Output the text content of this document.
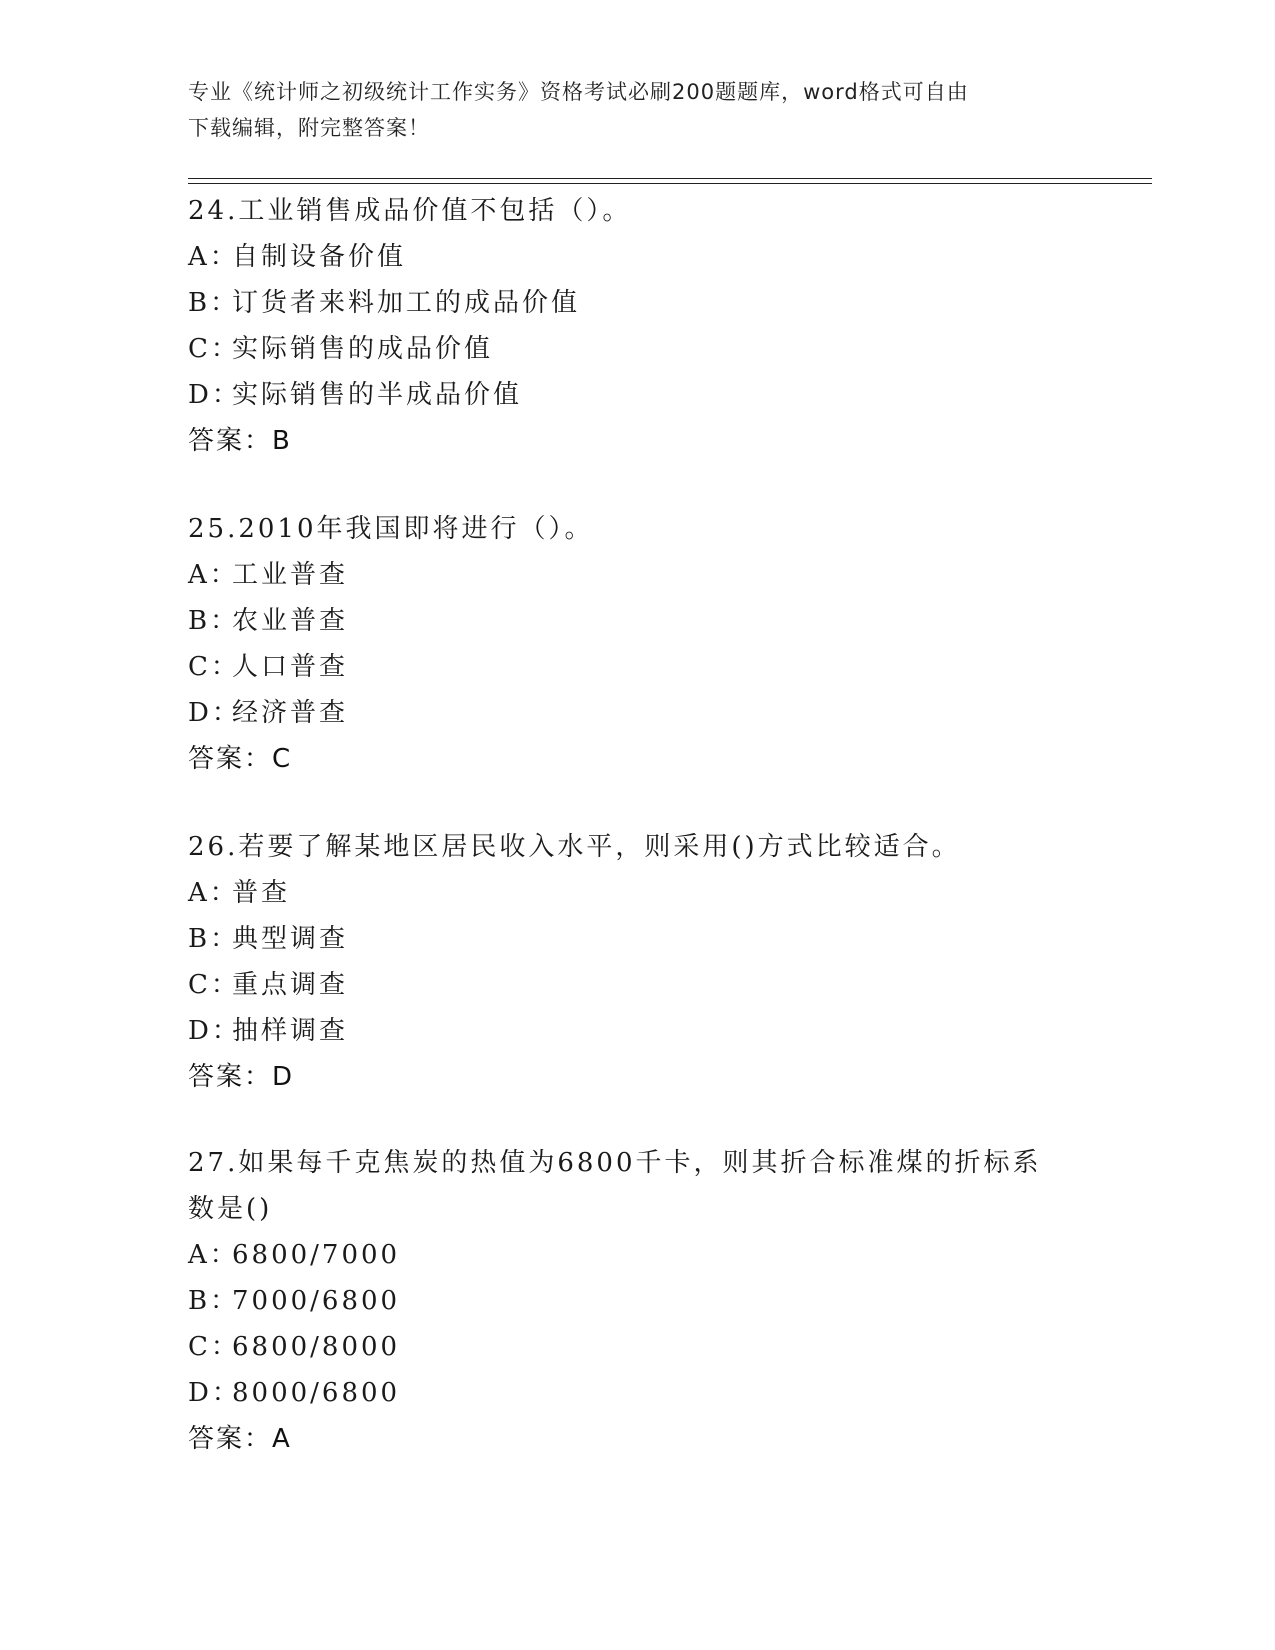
专业《统计师之初级统计工作实务》资格考试必刷200题题库，word格式可自由
下载编辑，附完整答案！
24.工业销售成品价值不包括（）。
A：自制设备价值
B：订货者来料加工的成品价值
C：实际销售的成品价值
D：实际销售的半成品价值
答案：B
25.2010年我国即将进行（）。
A：工业普查
B：农业普查
C：人口普查
D：经济普查
答案：C
26.若要了解某地区居民收入水平，则采用()方式比较适合。
A：普查
B：典型调查
C：重点调查
D：抽样调查
答案：D
27.如果每千克焦炭的热值为6800千卡，则其折合标准煤的折标系数是()
A：6800/7000
B：7000/6800
C：6800/8000
D：8000/6800
答案：A
